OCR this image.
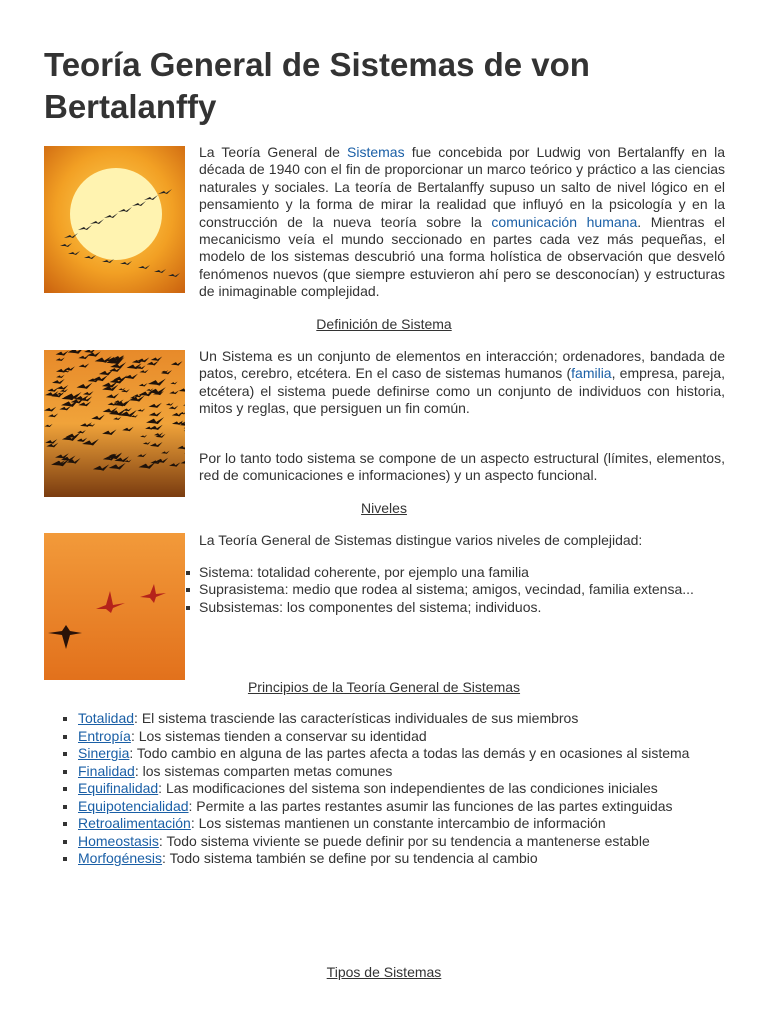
Teoría General de Sistemas de von Bertalanffy

La Teoría General de Sistemas fue concebida por Ludwig von Bertalanffy en la década de 1940 con el fin de proporcionar un marco teórico y práctico a las ciencias naturales y sociales. La teoría de Bertalanffy supuso un salto de nivel lógico en el pensamiento y la forma de mirar la realidad que influyó en la psicología y en la construcción de la nueva teoría sobre la comunicación humana. Mientras el mecanicismo veía el mundo seccionado en partes cada vez más pequeñas, el modelo de los sistemas descubrió una forma holística de observación que desveló fenómenos nuevos (que siempre estuvieron ahí pero se desconocían) y estructuras de inimaginable complejidad.

Definición de Sistema

Un Sistema es un conjunto de elementos en interacción; ordenadores, bandada de patos, cerebro, etcétera. En el caso de sistemas humanos (familia, empresa, pareja, etcétera) el sistema puede definirse como un conjunto de individuos con historia, mitos y reglas, que persiguen un fin común.

Por lo tanto todo sistema se compone de un aspecto estructural (límites, elementos, red de comunicaciones e informaciones) y un aspecto funcional.

Niveles

La Teoría General de Sistemas distingue varios niveles de complejidad:

Sistema: totalidad coherente, por ejemplo una familia
Suprasistema: medio que rodea al sistema; amigos, vecindad, familia extensa...
Subsistemas: los componentes del sistema; individuos.
Principios de la Teoría General de Sistemas
Totalidad: El sistema trasciende las características individuales de sus miembros
Entropía: Los sistemas tienden a conservar su identidad
Sinergia: Todo cambio en alguna de las partes afecta a todas las demás y en ocasiones al sistema
Finalidad: los sistemas comparten metas comunes
Equifinalidad: Las modificaciones del sistema son independientes de las condiciones iniciales
Equipotencialidad: Permite a las partes restantes asumir las funciones de las partes extinguidas
Retroalimentación: Los sistemas mantienen un constante intercambio de información
Homeostasis: Todo sistema viviente se puede definir por su tendencia a mantenerse estable
Morfogénesis: Todo sistema también se define por su tendencia al cambio
Tipos de Sistemas
